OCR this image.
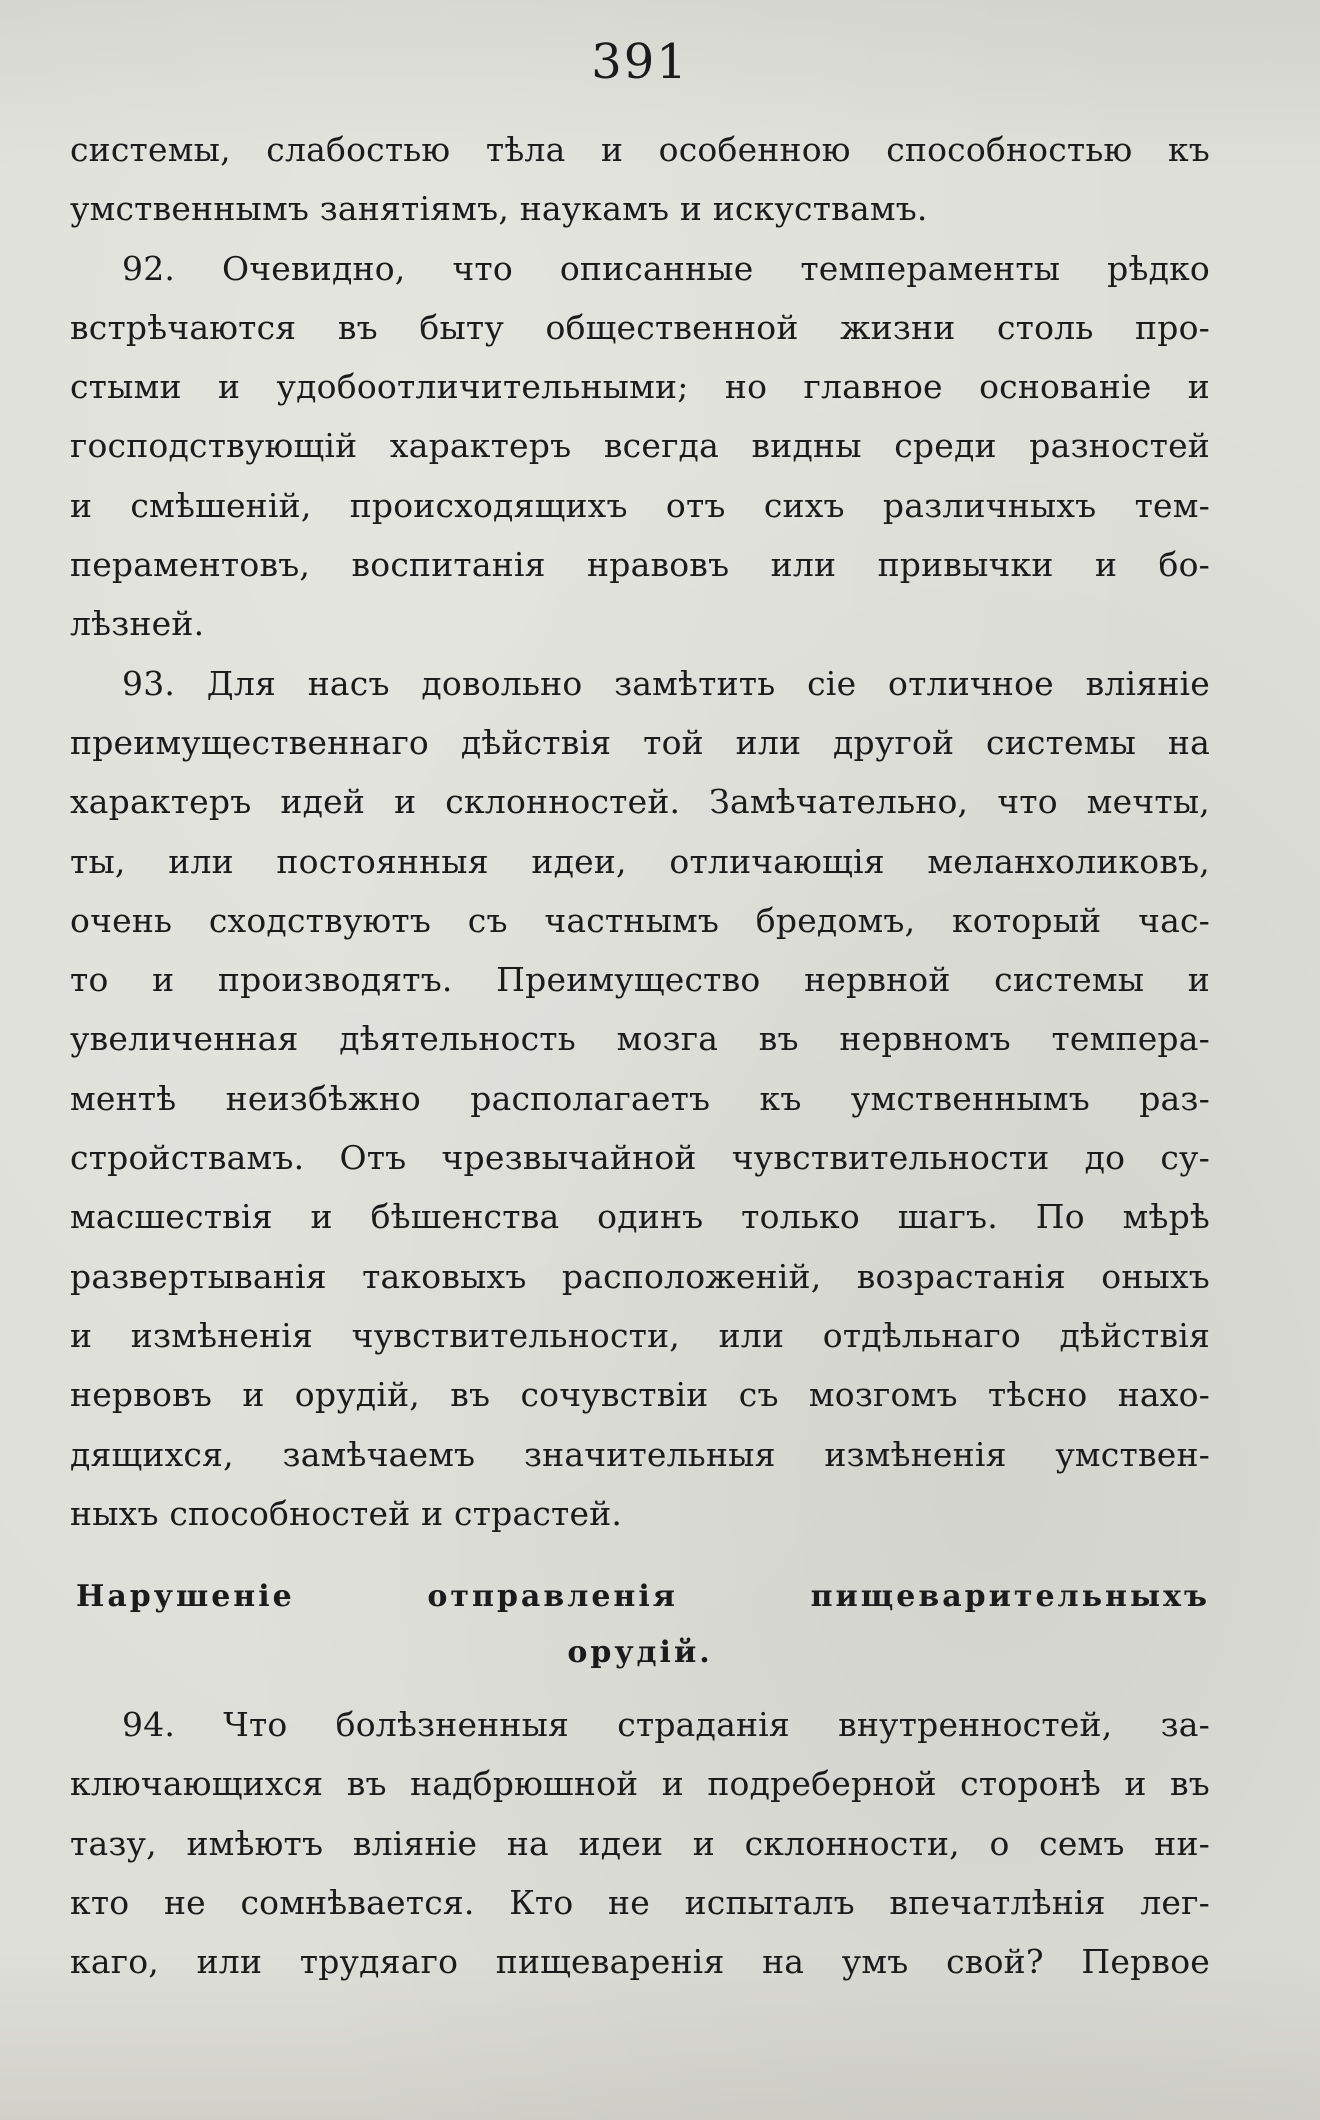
391
системы, слабостью тѣла и особенною способностью къ
умственнымъ занятіямъ, наукамъ и искуствамъ.
92. Очевидно, что описанные темпераменты рѣдко
встрѣчаются въ быту общественной жизни столь про-
стыми и удобоотличительными; но главное основаніе и
господствующій характеръ всегда видны среди разностей
и смѣшеній, происходящихъ отъ сихъ различныхъ тем-
пераментовъ, воспитанія нравовъ или привычки и бо-
лѣзней.
93. Для насъ довольно замѣтить сіе отличное вліяніе
преимущественнаго дѣйствія той или другой системы на
характеръ идей и склонностей. Замѣчательно, что мечты,
ты, или постоянныя идеи, отличающія меланхоликовъ,
очень сходствуютъ съ частнымъ бредомъ, который час-
то и производятъ. Преимущество нервной системы и
увеличенная дѣятельность мозга въ нервномъ темпера-
ментѣ неизбѣжно располагаетъ къ умственнымъ раз-
стройствамъ. Отъ чрезвычайной чувствительности до су-
масшествія и бѣшенства одинъ только шагъ. По мѣрѣ
развертыванія таковыхъ расположеній, возрастанія оныхъ
и измѣненія чувствительности, или отдѣльнаго дѣйствія
нервовъ и орудій, въ сочувствіи съ мозгомъ тѣсно нахо-
дящихся, замѣчаемъ значительныя измѣненія умствен-
ныхъ способностей и страстей.
Нарушеніе отправленія пищеварительныхъ
орудій.
94. Что болѣзненныя страданія внутренностей, за-
ключающихся въ надбрюшной и подреберной сторонѣ и въ
тазу, имѣютъ вліяніе на идеи и склонности, о семъ ни-
кто не сомнѣвается. Кто не испыталъ впечатлѣнія лег-
каго, или трудяаго пищеваренія на умъ свой? Первое
